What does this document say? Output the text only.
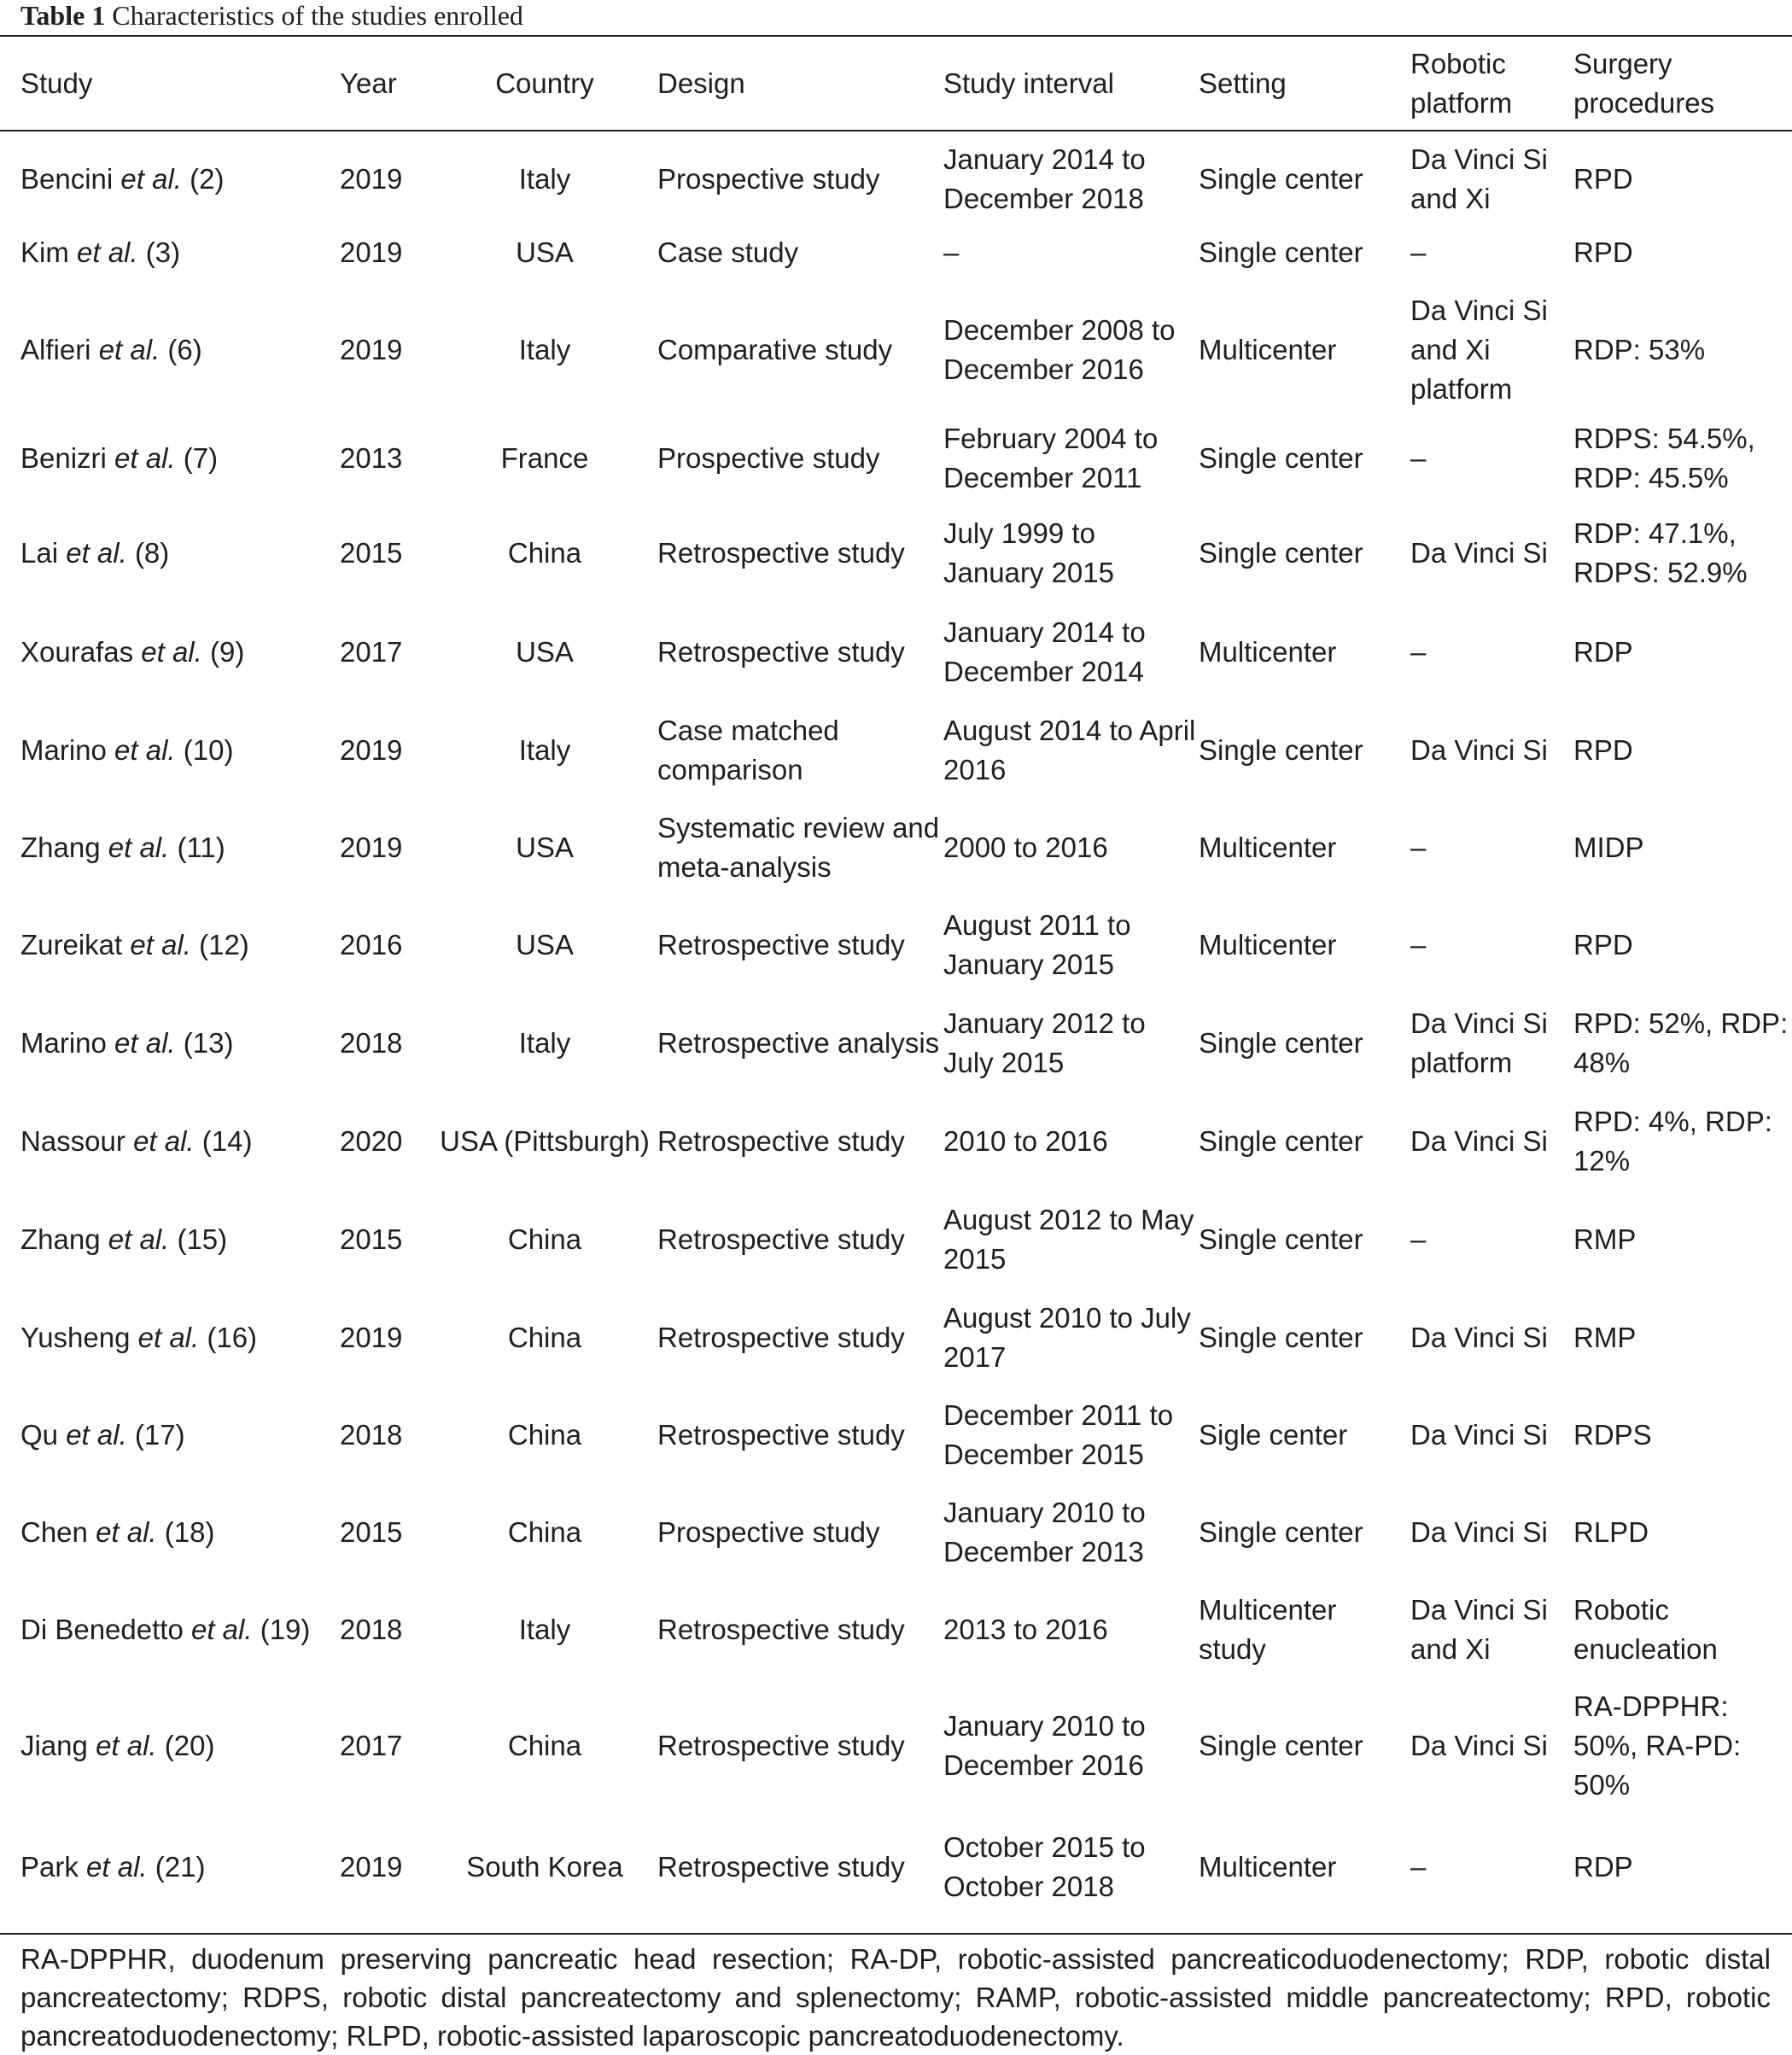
Table 1 Characteristics of the studies enrolled
Study	Year	Country	Design	Study interval	Setting	Robotic platform	Surgery procedures
Bencini et al. (2)	2019	Italy	Prospective study	January 2014 to December 2018	Single center	Da Vinci Si and Xi	RPD
Kim et al. (3)	2019	USA	Case study	–	Single center	–	RPD
Alfieri et al. (6)	2019	Italy	Comparative study	December 2008 to December 2016	Multicenter	Da Vinci Si and Xi platform	RDP: 53%
Benizri et al. (7)	2013	France	Prospective study	February 2004 to December 2011	Single center	–	RDPS: 54.5%, RDP: 45.5%
Lai et al. (8)	2015	China	Retrospective study	July 1999 to January 2015	Single center	Da Vinci Si	RDP: 47.1%, RDPS: 52.9%
Xourafas et al. (9)	2017	USA	Retrospective study	January 2014 to December 2014	Multicenter	–	RDP
Marino et al. (10)	2019	Italy	Case matched comparison	August 2014 to April 2016	Single center	Da Vinci Si	RPD
Zhang et al. (11)	2019	USA	Systematic review and meta-analysis	2000 to 2016	Multicenter	–	MIDP
Zureikat et al. (12)	2016	USA	Retrospective study	August 2011 to January 2015	Multicenter	–	RPD
Marino et al. (13)	2018	Italy	Retrospective analysis	January 2012 to July 2015	Single center	Da Vinci Si platform	RPD: 52%, RDP: 48%
Nassour et al. (14)	2020	USA (Pittsburgh)	Retrospective study	2010 to 2016	Single center	Da Vinci Si	RPD: 4%, RDP: 12%
Zhang et al. (15)	2015	China	Retrospective study	August 2012 to May 2015	Single center	–	RMP
Yusheng et al. (16)	2019	China	Retrospective study	August 2010 to July 2017	Single center	Da Vinci Si	RMP
Qu et al. (17)	2018	China	Retrospective study	December 2011 to December 2015	Sigle center	Da Vinci Si	RDPS
Chen et al. (18)	2015	China	Prospective study	January 2010 to December 2013	Single center	Da Vinci Si	RLPD
Di Benedetto et al. (19)	2018	Italy	Retrospective study	2013 to 2016	Multicenter study	Da Vinci Si and Xi	Robotic enucleation
Jiang et al. (20)	2017	China	Retrospective study	January 2010 to December 2016	Single center	Da Vinci Si	RA-DPPHR: 50%, RA-PD: 50%
Park et al. (21)	2019	South Korea	Retrospective study	October 2015 to October 2018	Multicenter	–	RDP
RA-DPPHR, duodenum preserving pancreatic head resection; RA-DP, robotic-assisted pancreaticoduodenectomy; RDP, robotic distal pancreatectomy; RDPS, robotic distal pancreatectomy and splenectomy; RAMP, robotic-assisted middle pancreatectomy; RPD, robotic pancreatoduodenectomy; RLPD, robotic-assisted laparoscopic pancreatoduodenectomy.
